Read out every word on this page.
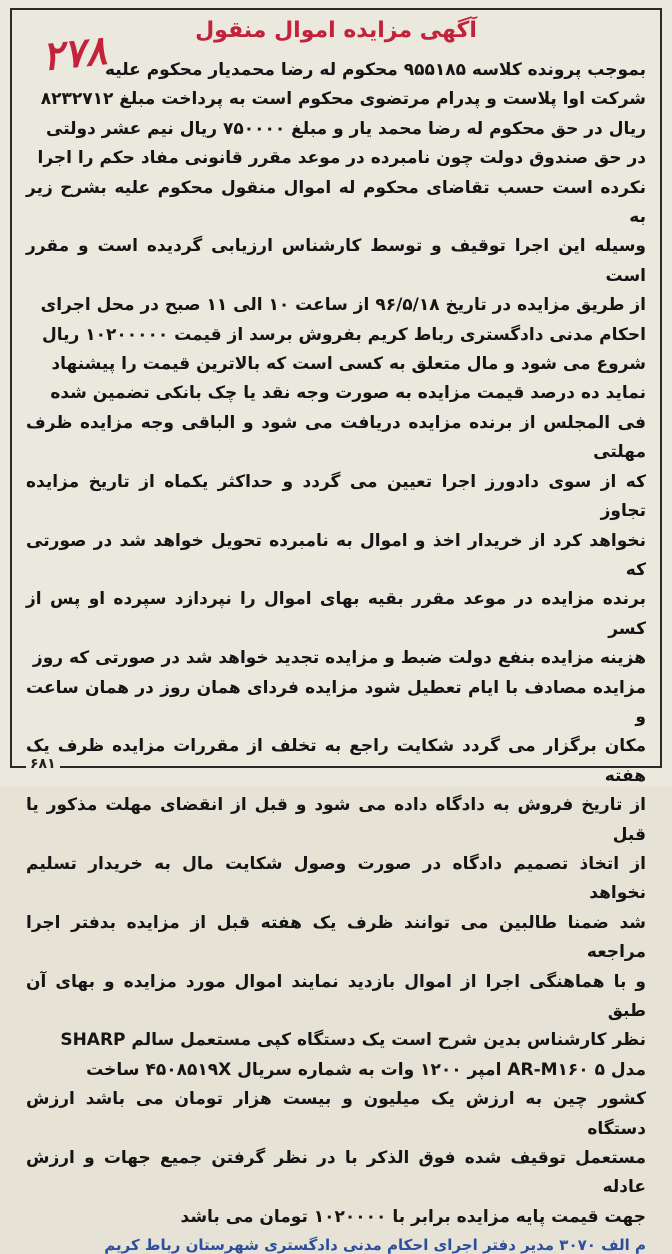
۲۷۸	آگهی مزایده اموال منقول
بموجب پرونده کلاسه ۹۵۵۱۸۵ محکوم له رضا محمدیار محکوم علیه
شرکت اوا پلاست و پدرام مرتضوی محکوم است به پرداخت مبلغ ۸۲۳۲۷۱۲
ریال در حق محکوم له رضا محمد یار و مبلغ ۷۵۰۰۰۰ ریال نیم عشر دولتی
در حق صندوق دولت چون نامبرده در موعد مقرر قانونی مفاد حکم را اجرا
نکرده است حسب تقاضای محکوم له اموال منقول محکوم علیه بشرح زیر به
وسیله این اجرا توقیف و توسط کارشناس ارزیابی گردیده است و مقرر است
از طریق مزایده در تاریخ ۹۶/۵/۱۸ از ساعت ۱۰ الی ۱۱ صبح در محل اجرای
احکام مدنی دادگستری رباط کریم بفروش برسد از قیمت ۱۰۲۰۰۰۰۰ ریال
شروع می شود و مال متعلق به کسی است که بالاترین قیمت را پیشنهاد
نماید ده درصد قیمت مزایده به صورت وجه نقد یا چک بانکی تضمین شده
فی المجلس از برنده مزایده دریافت می شود و الباقی وجه مزایده ظرف مهلتی
که از سوی دادورز اجرا تعیین می گردد و حداکثر یکماه از تاریخ مزایده تجاوز
نخواهد کرد از خریدار اخذ و اموال به نامبرده تحویل خواهد شد در صورتی که
برنده مزایده در موعد مقرر بقیه بهای اموال را نپردازد سپرده او پس از کسر
هزینه مزایده بنفع دولت ضبط و مزایده تجدید خواهد شد در صورتی که روز
مزایده مصادف با ایام تعطیل شود مزایده فردای همان روز در همان ساعت و
مکان برگزار می گردد شکایت راجع به تخلف از مقررات مزایده ظرف یک هفته
از تاریخ فروش به دادگاه داده می شود و قبل از انقضای مهلت مذکور یا قبل
از اتخاذ تصمیم دادگاه در صورت وصول شکایت مال به خریدار تسلیم نخواهد
شد ضمنا طالبین می توانند ظرف یک هفته قبل از مزایده بدفتر اجرا مراجعه
و با هماهنگی اجرا از اموال بازدید نمایند اموال مورد مزایده و بهای آن طبق
نظر کارشناس بدین شرح است یک دستگاه کپی مستعمل سالم SHARP
مدل AR-M۱۶۰ ۵ امپر ۱۲۰۰ وات به شماره سریال ۴۵۰۸۵۱۹X ساخت
کشور چین به ارزش یک میلیون و بیست هزار تومان می باشد ارزش دستگاه
مستعمل توقیف شده فوق الذکر با در نظر گرفتن جمیع جهات و ارزش عادله
جهت قیمت پایه مزایده برابر با ۱۰۲۰۰۰۰ تومان می باشد
م الف ۳۰۷۰ مدیر دفتر اجرای احکام مدنی دادگستری شهرستان رباط کریم
۶۸۱
